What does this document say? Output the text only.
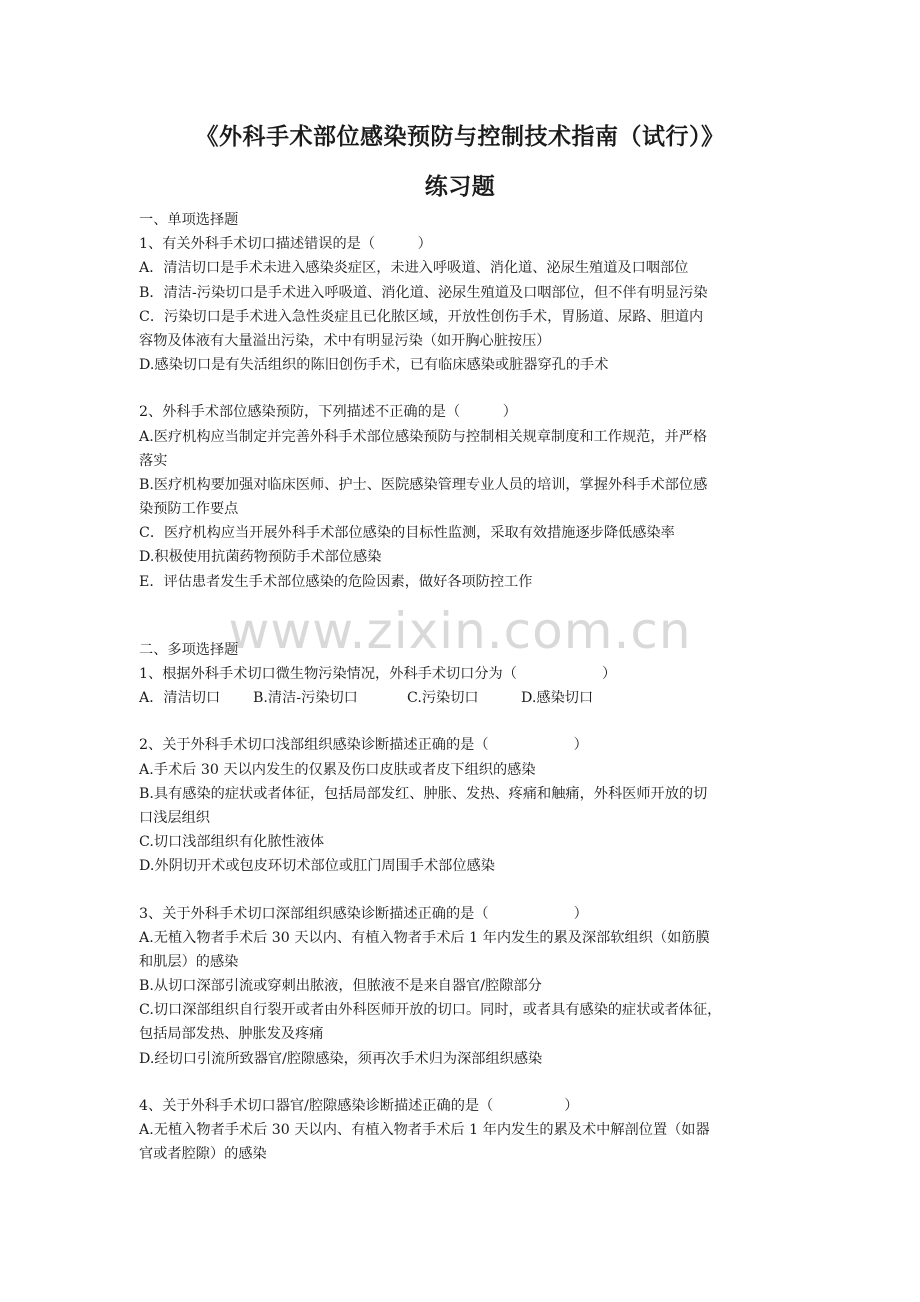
《外科手术部位感染预防与控制技术指南（试行）》
练习题
www.zixin.com.cn
一、单项选择题
1、有关外科手术切口描述错误的是（　　　）
A．清洁切口是手术未进入感染炎症区，未进入呼吸道、消化道、泌尿生殖道及口咽部位
B．清洁-污染切口是手术进入呼吸道、消化道、泌尿生殖道及口咽部位，但不伴有明显污染
C．污染切口是手术进入急性炎症且已化脓区域，开放性创伤手术，胃肠道、尿路、胆道内
容物及体液有大量溢出污染，术中有明显污染（如开胸心脏按压）
D.感染切口是有失活组织的陈旧创伤手术，已有临床感染或脏器穿孔的手术
2、外科手术部位感染预防，下列描述不正确的是（　　　）
A.医疗机构应当制定并完善外科手术部位感染预防与控制相关规章制度和工作规范，并严格
落实
B.医疗机构要加强对临床医师、护士、医院感染管理专业人员的培训，掌握外科手术部位感
染预防工作要点
C．医疗机构应当开展外科手术部位感染的目标性监测，采取有效措施逐步降低感染率
D.积极使用抗菌药物预防手术部位感染
E．评估患者发生手术部位感染的危险因素，做好各项防控工作
二、多项选择题
1、根据外科手术切口微生物污染情况，外科手术切口分为（　　　　　　）
A．清洁切口	B.清洁-污染切口	C.污染切口	D.感染切口
2、关于外科手术切口浅部组织感染诊断描述正确的是（　　　　　　）
A.手术后 30 天以内发生的仅累及伤口皮肤或者皮下组织的感染
B.具有感染的症状或者体征，包括局部发红、肿胀、发热、疼痛和触痛，外科医师开放的切
口浅层组织
C.切口浅部组织有化脓性液体
D.外阴切开术或包皮环切术部位或肛门周围手术部位感染
3、关于外科手术切口深部组织感染诊断描述正确的是（　　　　　　）
A.无植入物者手术后 30 天以内、有植入物者手术后 1 年内发生的累及深部软组织（如筋膜
和肌层）的感染
B.从切口深部引流或穿刺出脓液，但脓液不是来自器官/腔隙部分
C.切口深部组织自行裂开或者由外科医师开放的切口。同时，或者具有感染的症状或者体征，
包括局部发热、肿胀发及疼痛
D.经切口引流所致器官/腔隙感染，须再次手术归为深部组织感染
4、关于外科手术切口器官/腔隙感染诊断描述正确的是（　　　　　）
A.无植入物者手术后 30 天以内、有植入物者手术后 1 年内发生的累及术中解剖位置（如器
官或者腔隙）的感染
